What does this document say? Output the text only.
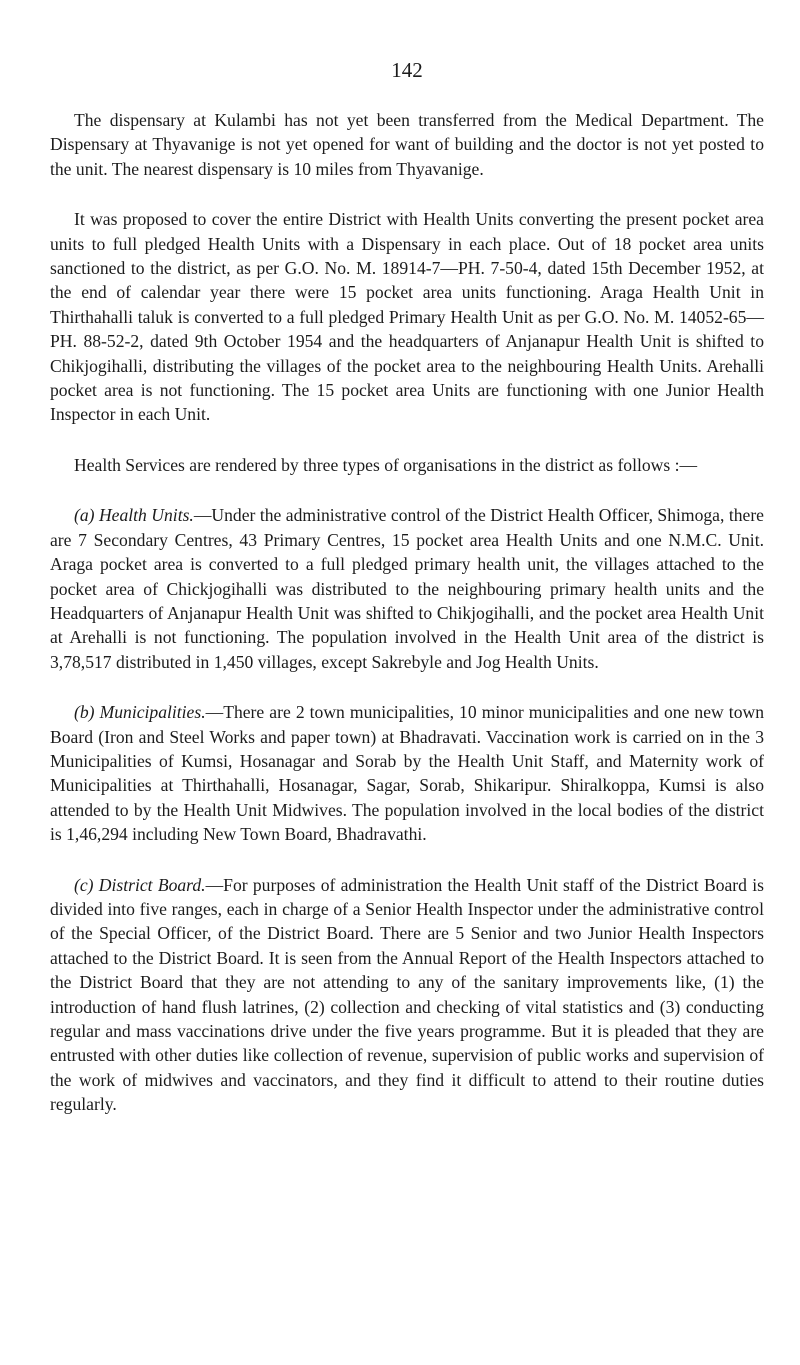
142

The dispensary at Kulambi has not yet been transferred from the Medical Department. The Dispensary at Thyavanige is not yet opened for want of building and the doctor is not yet posted to the unit. The nearest dispensary is 10 miles from Thyavanige.

It was proposed to cover the entire District with Health Units converting the present pocket area units to full pledged Health Units with a Dispensary in each place. Out of 18 pocket area units sanctioned to the district, as per G.O. No. M. 18914-7—PH. 7-50-4, dated 15th December 1952, at the end of calendar year there were 15 pocket area units functioning. Araga Health Unit in Thirthahalli taluk is converted to a full pledged Primary Health Unit as per G.O. No. M. 14052-65—PH. 88-52-2, dated 9th October 1954 and the headquarters of Anjanapur Health Unit is shifted to Chikjogihalli, distributing the villages of the pocket area to the neighbouring Health Units. Arehalli pocket area is not functioning. The 15 pocket area Units are functioning with one Junior Health Inspector in each Unit.

Health Services are rendered by three types of organisations in the district as follows :—

(a) Health Units.—Under the administrative control of the District Health Officer, Shimoga, there are 7 Secondary Centres, 43 Primary Centres, 15 pocket area Health Units and one N.M.C. Unit. Araga pocket area is converted to a full pledged primary health unit, the villages attached to the pocket area of Chickjogihalli was distributed to the neighbouring primary health units and the Headquarters of Anjanapur Health Unit was shifted to Chikjogihalli, and the pocket area Health Unit at Arehalli is not functioning. The population involved in the Health Unit area of the district is 3,78,517 distributed in 1,450 villages, except Sakrebyle and Jog Health Units.

(b) Municipalities.—There are 2 town municipalities, 10 minor municipalities and one new town Board (Iron and Steel Works and paper town) at Bhadravati. Vaccination work is carried on in the 3 Municipalities of Kumsi, Hosanagar and Sorab by the Health Unit Staff, and Maternity work of Municipalities at Thirthahalli, Hosanagar, Sagar, Sorab, Shikaripur. Shiralkoppa, Kumsi is also attended to by the Health Unit Midwives. The population involved in the local bodies of the district is 1,46,294 including New Town Board, Bhadravathi.

(c) District Board.—For purposes of administration the Health Unit staff of the District Board is divided into five ranges, each in charge of a Senior Health Inspector under the administrative control of the Special Officer, of the District Board. There are 5 Senior and two Junior Health Inspectors attached to the District Board. It is seen from the Annual Report of the Health Inspectors attached to the District Board that they are not attending to any of the sanitary improvements like, (1) the introduction of hand flush latrines, (2) collection and checking of vital statistics and (3) conducting regular and mass vaccinations drive under the five years programme. But it is pleaded that they are entrusted with other duties like collection of revenue, supervision of public works and supervision of the work of midwives and vaccinators, and they find it difficult to attend to their routine duties regularly.
